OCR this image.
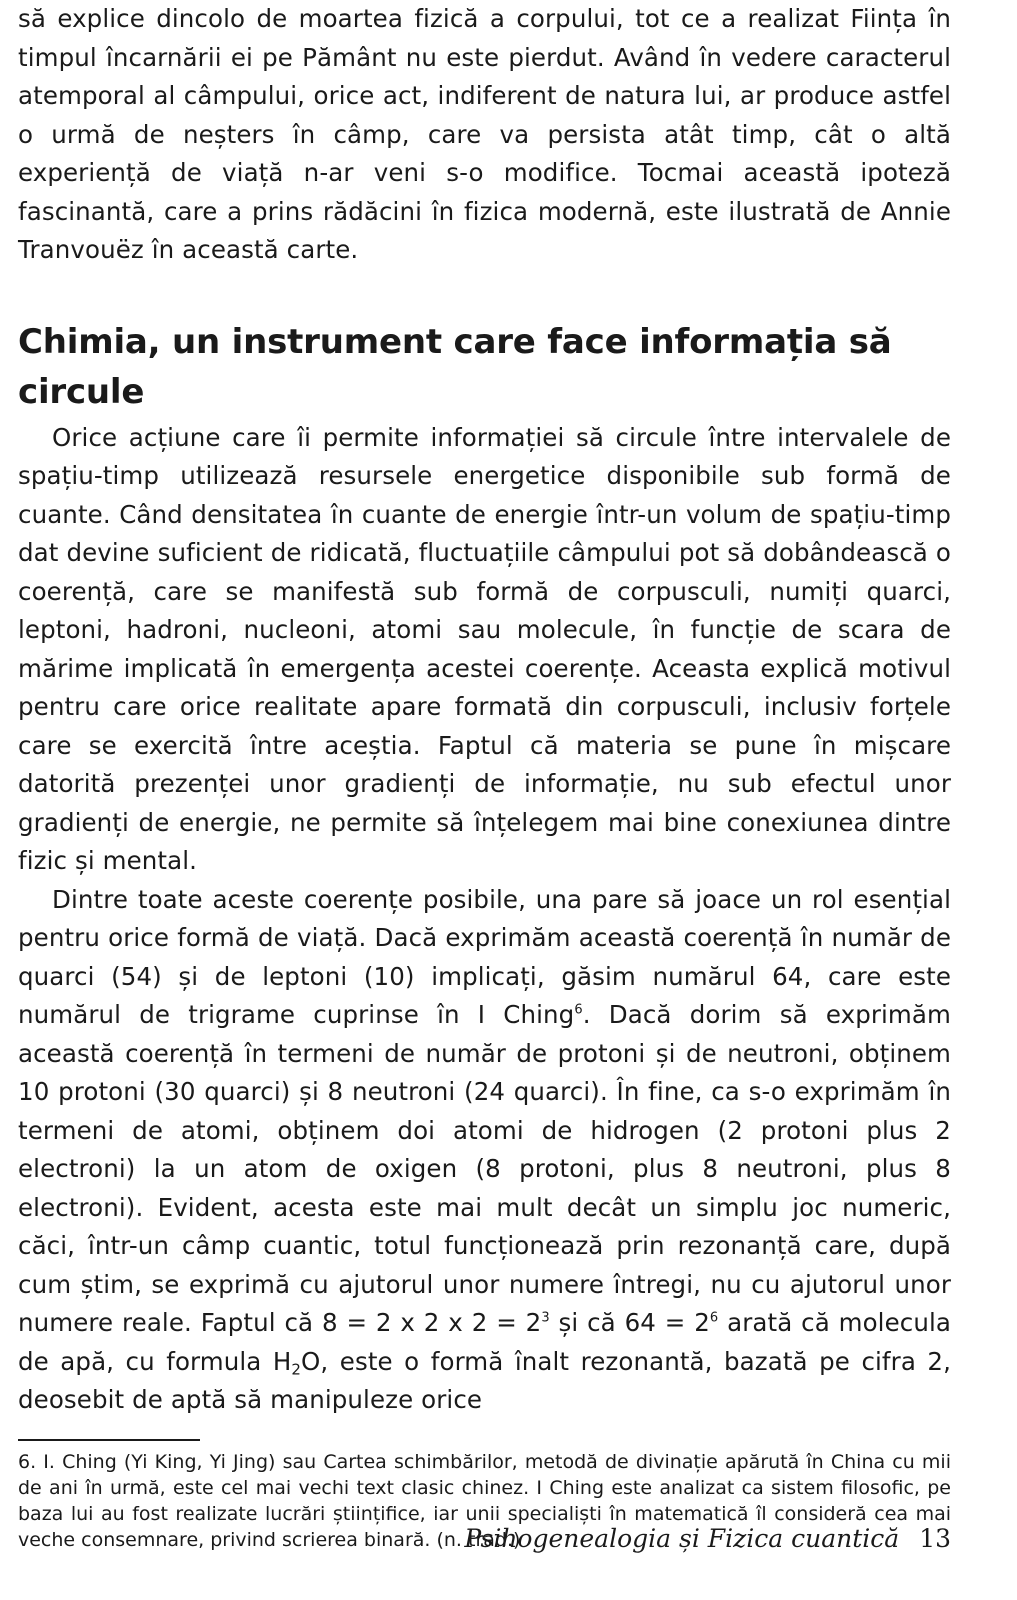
să explice dincolo de moartea fizică a corpului, tot ce a realizat Ființa în timpul încarnării ei pe Pământ nu este pierdut. Având în vedere caracterul atemporal al câmpului, orice act, indiferent de natura lui, ar produce astfel o urmă de neșters în câmp, care va persista atât timp, cât o altă experiență de viață n-ar veni s-o modifice. Tocmai această ipoteză fascinantă, care a prins rădăcini în fizica modernă, este ilustrată de Annie Tranvouëz în această carte.

Chimia, un instrument care face informația să circule

Orice acțiune care îi permite informației să circule între intervalele de spațiu-timp utilizează resursele energetice disponibile sub formă de cuante. Când densitatea în cuante de energie într-un volum de spațiu-timp dat devine suficient de ridicată, fluctuațiile câmpului pot să dobândească o coerență, care se manifestă sub formă de corpusculi, numiți quarci, leptoni, hadroni, nucleoni, atomi sau molecule, în funcție de scara de mărime implicată în emergența acestei coerențe. Aceasta explică motivul pentru care orice realitate apare formată din corpusculi, inclusiv forțele care se exercită între aceștia. Faptul că materia se pune în mișcare datorită prezenței unor gradienți de informație, nu sub efectul unor gradienți de energie, ne permite să înțelegem mai bine conexiunea dintre fizic și mental.

Dintre toate aceste coerențe posibile, una pare să joace un rol esențial pentru orice formă de viață. Dacă exprimăm această coerență în număr de quarci (54) și de leptoni (10) implicați, găsim numărul 64, care este numărul de trigrame cuprinse în I Ching$^6$. Dacă dorim să exprimăm această coerență în termeni de număr de protoni și de neutroni, obținem 10 protoni (30 quarci) și 8 neutroni (24 quarci). În fine, ca s-o exprimăm în termeni de atomi, obținem doi atomi de hidrogen (2 protoni plus 2 electroni) la un atom de oxigen (8 protoni, plus 8 neutroni, plus 8 electroni). Evident, acesta este mai mult decât un simplu joc numeric, căci, într-un câmp cuantic, totul funcționează prin rezonanță care, după cum știm, se exprimă cu ajutorul unor numere întregi, nu cu ajutorul unor numere reale. Faptul că 8 = 2 x 2 x $2 = 2^3$ și că $64 = 2^6$ arată că molecula de apă, cu formula $H_2O$, este o formă înalt rezonantă, bazată pe cifra 2, deosebit de aptă să manipuleze orice

6. I. Ching (Yi King, Yi Jing) sau Cartea schimbărilor, metodă de divinație apărută în China cu mii de ani în urmă, este cel mai vechi text clasic chinez. I Ching este analizat ca sistem filosofic, pe baza lui au fost realizate lucrări științifice, iar unii specialiști în matematică îl consideră cea mai veche consemnare, privind scrierea binară. (n. trad.)

Psihogenealogia și Fizica cuantică 13
